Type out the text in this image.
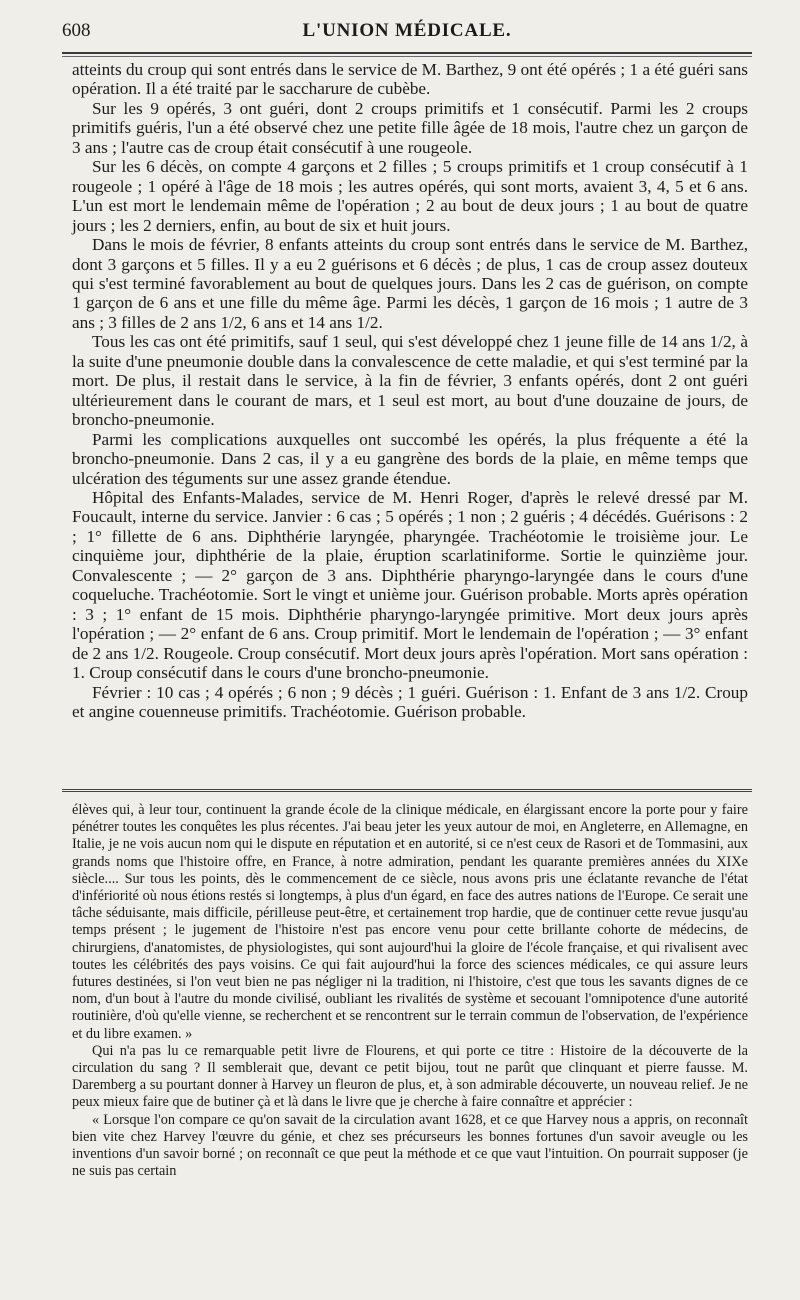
608	L'UNION MÉDICALE.

atteints du croup qui sont entrés dans le service de M. Barthez, 9 ont été opérés ; 1 a été guéri sans opération. Il a été traité par le saccharure de cubèbe.

Sur les 9 opérés, 3 ont guéri, dont 2 croups primitifs et 1 consécutif. Parmi les 2 croups primitifs guéris, l'un a été observé chez une petite fille âgée de 18 mois, l'autre chez un garçon de 3 ans ; l'autre cas de croup était consécutif à une rougeole.

Sur les 6 décès, on compte 4 garçons et 2 filles ; 5 croups primitifs et 1 croup consécutif à 1 rougeole ; 1 opéré à l'âge de 18 mois ; les autres opérés, qui sont morts, avaient 3, 4, 5 et 6 ans. L'un est mort le lendemain même de l'opération ; 2 au bout de deux jours ; 1 au bout de quatre jours ; les 2 derniers, enfin, au bout de six et huit jours.

Dans le mois de février, 8 enfants atteints du croup sont entrés dans le service de M. Barthez, dont 3 garçons et 5 filles. Il y a eu 2 guérisons et 6 décès ; de plus, 1 cas de croup assez douteux qui s'est terminé favorablement au bout de quelques jours. Dans les 2 cas de guérison, on compte 1 garçon de 6 ans et une fille du même âge. Parmi les décès, 1 garçon de 16 mois ; 1 autre de 3 ans ; 3 filles de 2 ans 1/2, 6 ans et 14 ans 1/2.

Tous les cas ont été primitifs, sauf 1 seul, qui s'est développé chez 1 jeune fille de 14 ans 1/2, à la suite d'une pneumonie double dans la convalescence de cette maladie, et qui s'est terminé par la mort. De plus, il restait dans le service, à la fin de février, 3 enfants opérés, dont 2 ont guéri ultérieurement dans le courant de mars, et 1 seul est mort, au bout d'une douzaine de jours, de broncho-pneumonie.

Parmi les complications auxquelles ont succombé les opérés, la plus fréquente a été la broncho-pneumonie. Dans 2 cas, il y a eu gangrène des bords de la plaie, en même temps que ulcération des téguments sur une assez grande étendue.

Hôpital des Enfants-Malades, service de M. Henri Roger, d'après le relevé dressé par M. Foucault, interne du service. Janvier : 6 cas ; 5 opérés ; 1 non ; 2 guéris ; 4 décédés. Guérisons : 2 ; 1° fillette de 6 ans. Diphthérie laryngée, pharyngée. Trachéotomie le troisième jour. Le cinquième jour, diphthérie de la plaie, éruption scarlatiniforme. Sortie le quinzième jour. Convalescente ; — 2° garçon de 3 ans. Diphthérie pharyngo-laryngée dans le cours d'une coqueluche. Trachéotomie. Sort le vingt et unième jour. Guérison probable. Morts après opération : 3 ; 1° enfant de 15 mois. Diphthérie pharyngo-laryngée primitive. Mort deux jours après l'opération ; — 2° enfant de 6 ans. Croup primitif. Mort le lendemain de l'opération ; — 3° enfant de 2 ans 1/2. Rougeole. Croup consécutif. Mort deux jours après l'opération. Mort sans opération : 1. Croup consécutif dans le cours d'une broncho-pneumonie.

Février : 10 cas ; 4 opérés ; 6 non ; 9 décès ; 1 guéri. Guérison : 1. Enfant de 3 ans 1/2. Croup et angine couenneuse primitifs. Trachéotomie. Guérison probable.

élèves qui, à leur tour, continuent la grande école de la clinique médicale, en élargissant encore la porte pour y faire pénétrer toutes les conquêtes les plus récentes. J'ai beau jeter les yeux autour de moi, en Angleterre, en Allemagne, en Italie, je ne vois aucun nom qui le dispute en réputation et en autorité, si ce n'est ceux de Rasori et de Tommasini, aux grands noms que l'histoire offre, en France, à notre admiration, pendant les quarante premières années du XIXe siècle.... Sur tous les points, dès le commencement de ce siècle, nous avons pris une éclatante revanche de l'état d'infériorité où nous étions restés si longtemps, à plus d'un égard, en face des autres nations de l'Europe. Ce serait une tâche séduisante, mais difficile, périlleuse peut-être, et certainement trop hardie, que de continuer cette revue jusqu'au temps présent ; le jugement de l'histoire n'est pas encore venu pour cette brillante cohorte de médecins, de chirurgiens, d'anatomistes, de physiologistes, qui sont aujourd'hui la gloire de l'école française, et qui rivalisent avec toutes les célébrités des pays voisins. Ce qui fait aujourd'hui la force des sciences médicales, ce qui assure leurs futures destinées, si l'on veut bien ne pas négliger ni la tradition, ni l'histoire, c'est que tous les savants dignes de ce nom, d'un bout à l'autre du monde civilisé, oubliant les rivalités de système et secouant l'omnipotence d'une autorité routinière, d'où qu'elle vienne, se recherchent et se rencontrent sur le terrain commun de l'observation, de l'expérience et du libre examen. »

Qui n'a pas lu ce remarquable petit livre de Flourens, et qui porte ce titre : Histoire de la découverte de la circulation du sang ? Il semblerait que, devant ce petit bijou, tout ne parût que clinquant et pierre fausse. M. Daremberg a su pourtant donner à Harvey un fleuron de plus, et, à son admirable découverte, un nouveau relief. Je ne peux mieux faire que de butiner çà et là dans le livre que je cherche à faire connaître et apprécier :

« Lorsque l'on compare ce qu'on savait de la circulation avant 1628, et ce que Harvey nous a appris, on reconnaît bien vite chez Harvey l'œuvre du génie, et chez ses précurseurs les bonnes fortunes d'un savoir aveugle ou les inventions d'un savoir borné ; on reconnaît ce que peut la méthode et ce que vaut l'intuition. On pourrait supposer (je ne suis pas certain
